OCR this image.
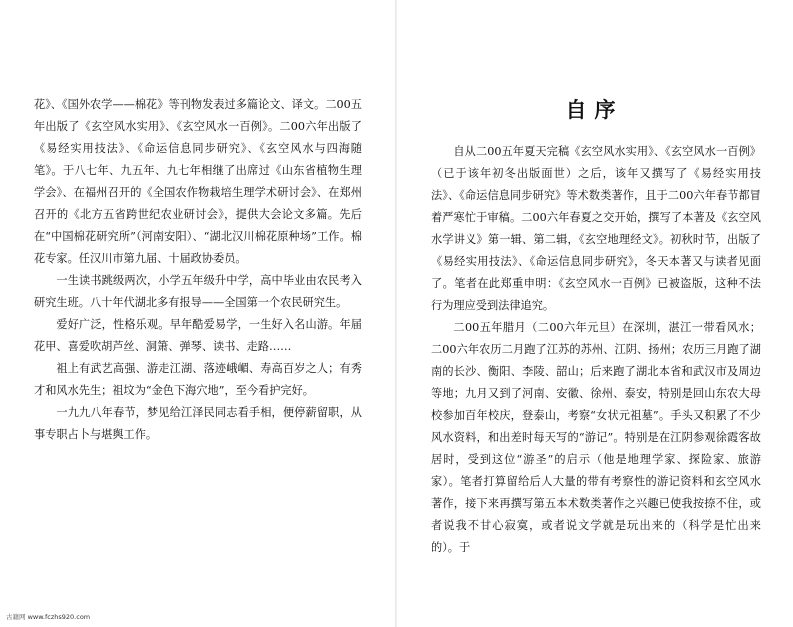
花》、《国外农学——棉花》等刊物发表过多篇论文、译文。二00五年出版了《玄空风水实用》、《玄空风水一百例》。二00六年出版了《易经实用技法》、《命运信息同步研究》、《玄空风水与四海随笔》。于八七年、九五年、九七年相继了出席过《山东省植物生理学会》、在福州召开的《全国农作物栽培生理学术研讨会》、在郑州召开的《北方五省跨世纪农业研讨会》，提供大会论文多篇。先后在“中国棉花研究所”（河南安阳）、“湖北汉川棉花原种场”工作。棉花专家。任汉川市第九届、十届政协委员。

一生读书跳级两次，小学五年级升中学，高中毕业由农民考入研究生班。八十年代湖北多有报导——全国第一个农民研究生。

爱好广泛，性格乐观。早年酷爱易学，一生好入名山游。年届花甲、喜爱吹胡芦丝、洞箫、弹琴、读书、走路……

祖上有武艺高强、游走江湖、落迹峨嵋、寿高百岁之人；有秀才和风水先生；祖坟为“金色下海穴地”，至今看护完好。

一九九八年春节，梦见给江泽民同志看手相，便停薪留职，从事专职占卜与堪舆工作。

自序

自从二00五年夏天完稿《玄空风水实用》、《玄空风水一百例》（已于该年初冬出版面世）之后，该年又撰写了《易经实用技法》、《命运信息同步研究》等术数类著作，且于二00六年春节都冒着严寒忙于审稿。二00六年春夏之交开始，撰写了本著及《玄空风水学讲义》第一辑、第二辑，《玄空地理经文》。初秋时节，出版了《易经实用技法》、《命运信息同步研究》，冬天本著又与读者见面了。笔者在此郑重申明：《玄空风水一百例》已被盗版，这种不法行为理应受到法律追究。

二00五年腊月（二00六年元旦）在深圳，湛江一带看风水；二00六年农历二月跑了江苏的苏州、江阴、扬州；农历三月跑了湖南的长沙、衡阳、李陵、韶山；后来跑了湖北本省和武汉市及周边等地；九月又到了河南、安徽、徐州、泰安，特别是回山东农大母校参加百年校庆，登泰山，考察“女状元祖墓”。手头又积累了不少风水资料，和出差时每天写的“游记”。特别是在江阴参观徐霞客故居时，受到这位“游圣”的启示（他是地理学家、探险家、旅游家）。笔者打算留给后人大量的带有考察性的游记资料和玄空风水著作，接下来再撰写第五本术数类著作之兴趣已使我按捺不住，或者说我不甘心寂寞，或者说文学就是玩出来的（科学是忙出来的）。于

古籍网 www.fczhs920.com
